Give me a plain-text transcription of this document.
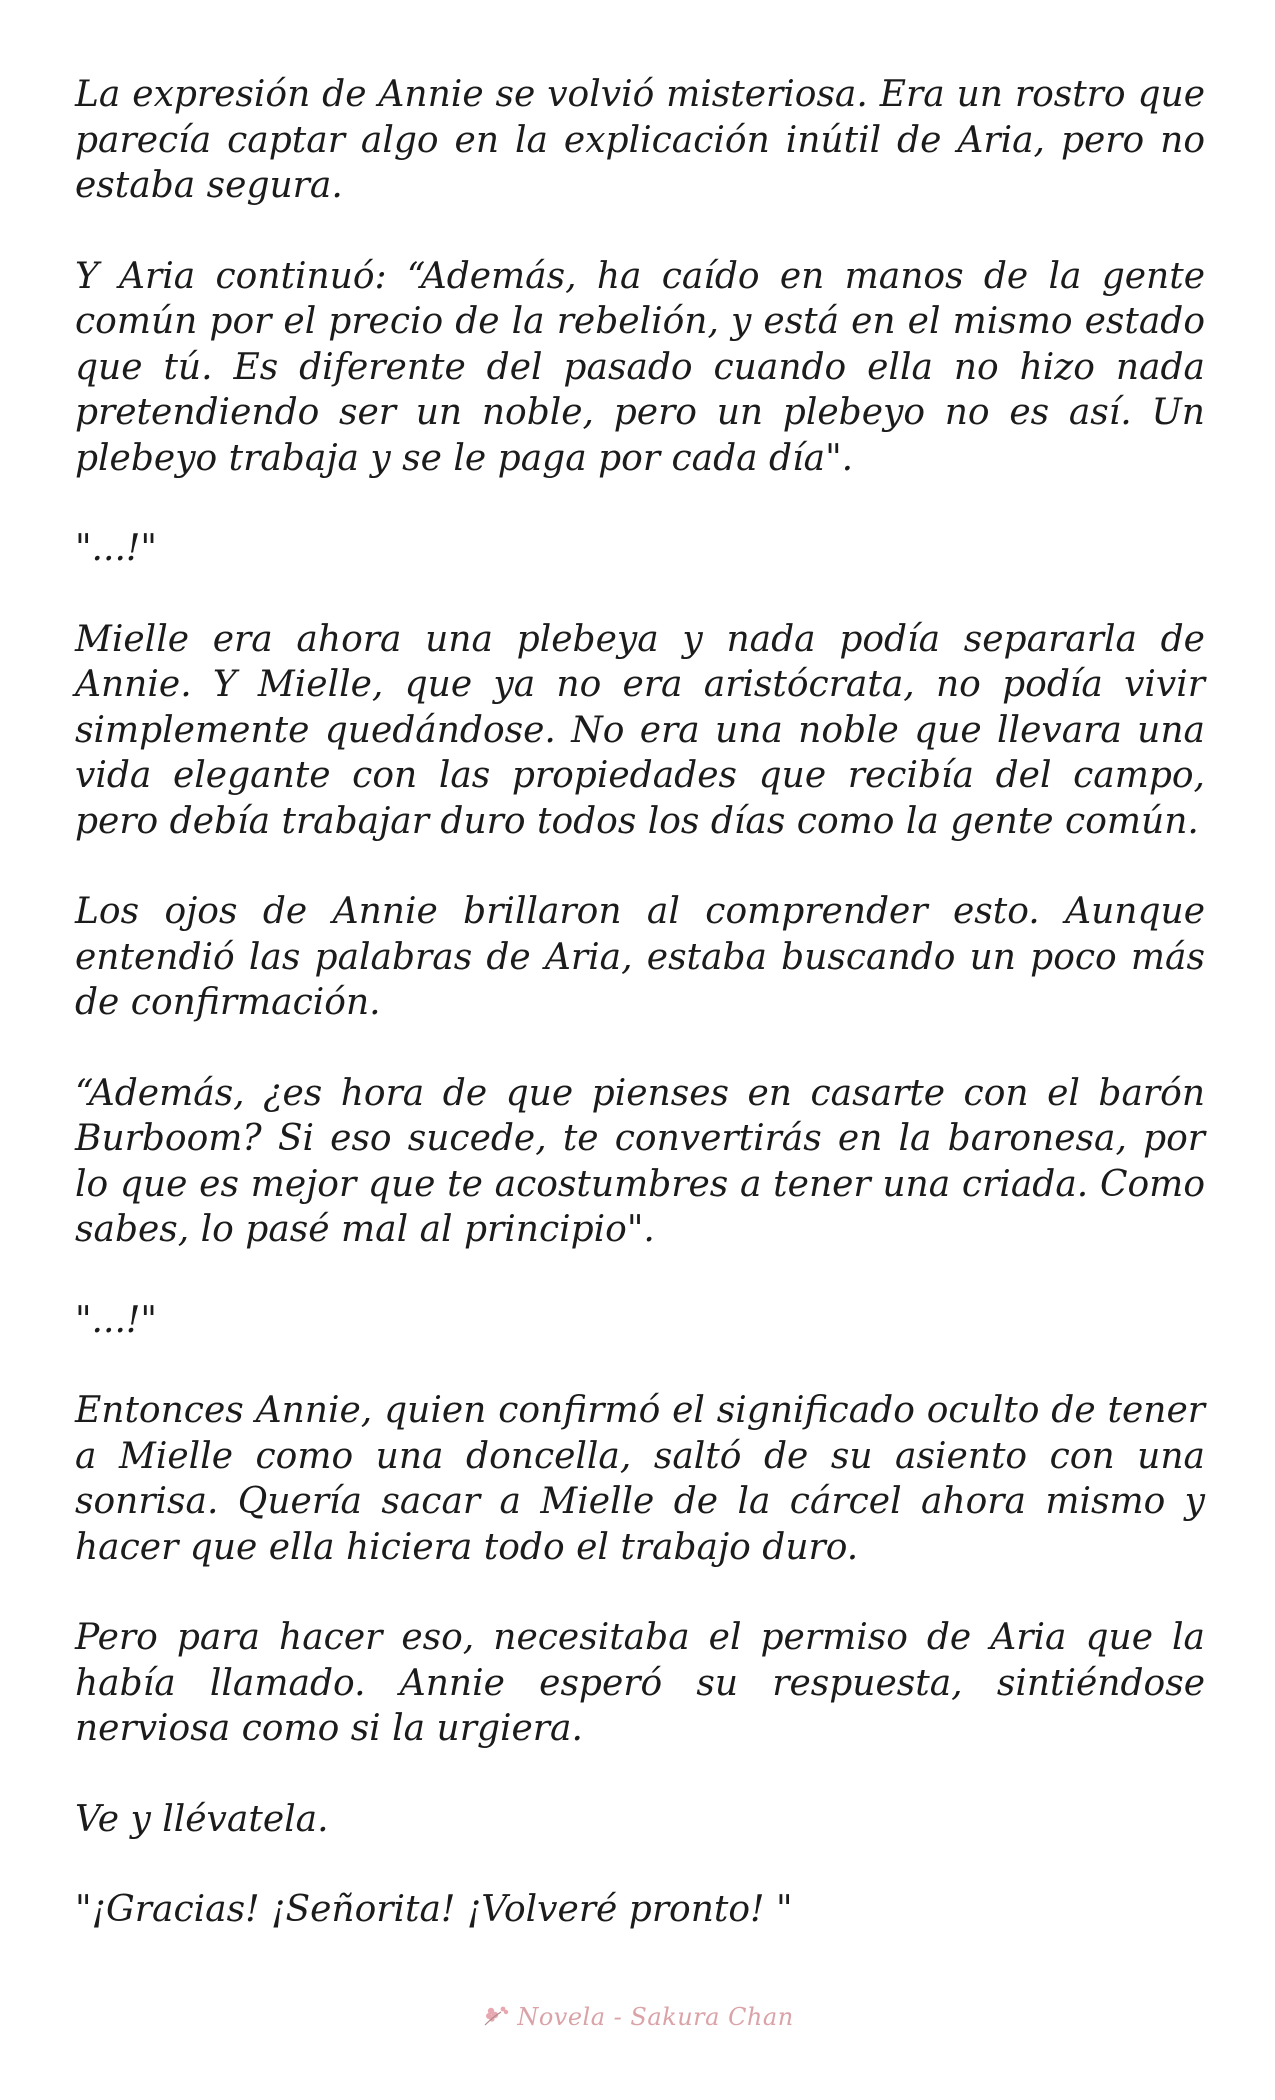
La expresión de Annie se volvió misteriosa. Era un rostro que parecía captar algo en la explicación inútil de Aria, pero no estaba segura.

Y Aria continuó: “Además, ha caído en manos de la gente común por el precio de la rebelión, y está en el mismo estado que tú. Es diferente del pasado cuando ella no hizo nada pretendiendo ser un noble, pero un plebeyo no es así. Un plebeyo trabaja y se le paga por cada día".

"...!"

Mielle era ahora una plebeya y nada podía separarla de Annie. Y Mielle, que ya no era aristócrata, no podía vivir simplemente quedándose. No era una noble que llevara una vida elegante con las propiedades que recibía del campo, pero debía trabajar duro todos los días como la gente común.

Los ojos de Annie brillaron al comprender esto. Aunque entendió las palabras de Aria, estaba buscando un poco más de confirmación.

“Además, ¿es hora de que pienses en casarte con el barón Burboom? Si eso sucede, te convertirás en la baronesa, por lo que es mejor que te acostumbres a tener una criada. Como sabes, lo pasé mal al principio".

"...!"

Entonces Annie, quien confirmó el significado oculto de tener a Mielle como una doncella, saltó de su asiento con una sonrisa. Quería sacar a Mielle de la cárcel ahora mismo y hacer que ella hiciera todo el trabajo duro.

Pero para hacer eso, necesitaba el permiso de Aria que la había llamado. Annie esperó su respuesta, sintiéndose nerviosa como si la urgiera.

Ve y llévatela.

"¡Gracias! ¡Señorita! ¡Volveré pronto! "

Novela - Sakura Chan
